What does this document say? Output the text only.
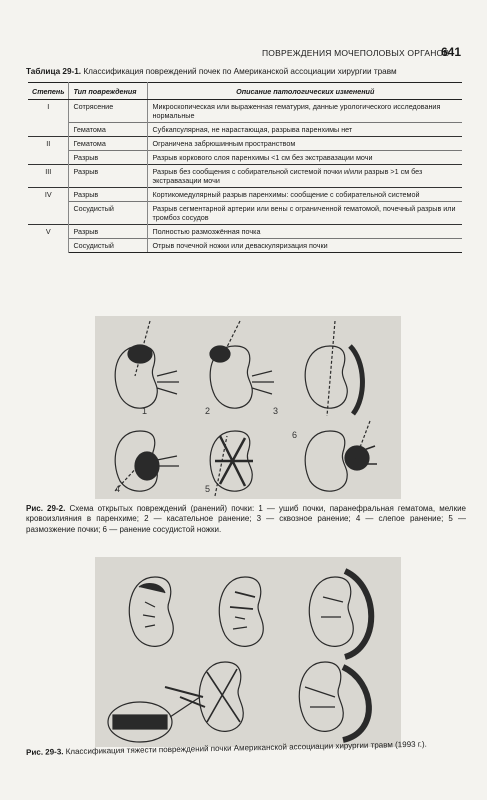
ПОВРЕЖДЕНИЯ МОЧЕПОЛОВЫХ ОРГАНОВ
641
Таблица 29-1. Классификация повреждений почек по Американской ассоциации хирургии травм
Степень	Тип повреждения	Описание патологических изменений
I	Сотрясение	Микроскопическая или выраженная гематурия, данные урологического исследования нормальные
	Гематома	Субкапсулярная, не нарастающая, разрыва паренхимы нет
II	Гематома	Ограничена забрюшинным пространством
	Разрыв	Разрыв коркового слоя паренхимы <1 см без экстравазации мочи
III	Разрыв	Разрыв без сообщения с собирательной системой почки и/или разрыв >1 см без экстравазации мочи
IV	Разрыв	Кортикомедулярный разрыв паренхимы: сообщение с собирательной системой
	Сосудистый	Разрыв сегментарной артерии или вены с ограниченной гематомой, почечный разрыв или тромбоз сосудов
V	Разрыв	Полностью размозжённая почка
	Сосудистый	Отрыв почечной ножки или деваскуляризация почки
1	2	3
4	5
6
Рис. 29-2. Схема открытых повреждений (ранений) почки: 1 — ушиб почки, паранефральная гематома, мелкие кровоизлияния в паренхиме; 2 — касательное ранение; 3 — сквозное ранение; 4 — слепое ранение; 5 — размозжение почки; 6 — ранение сосудистой ножки.
Рис. 29-3. Классификация тяжести повреждений почки Американской ассоциации хирургии травм (1993 г.).
